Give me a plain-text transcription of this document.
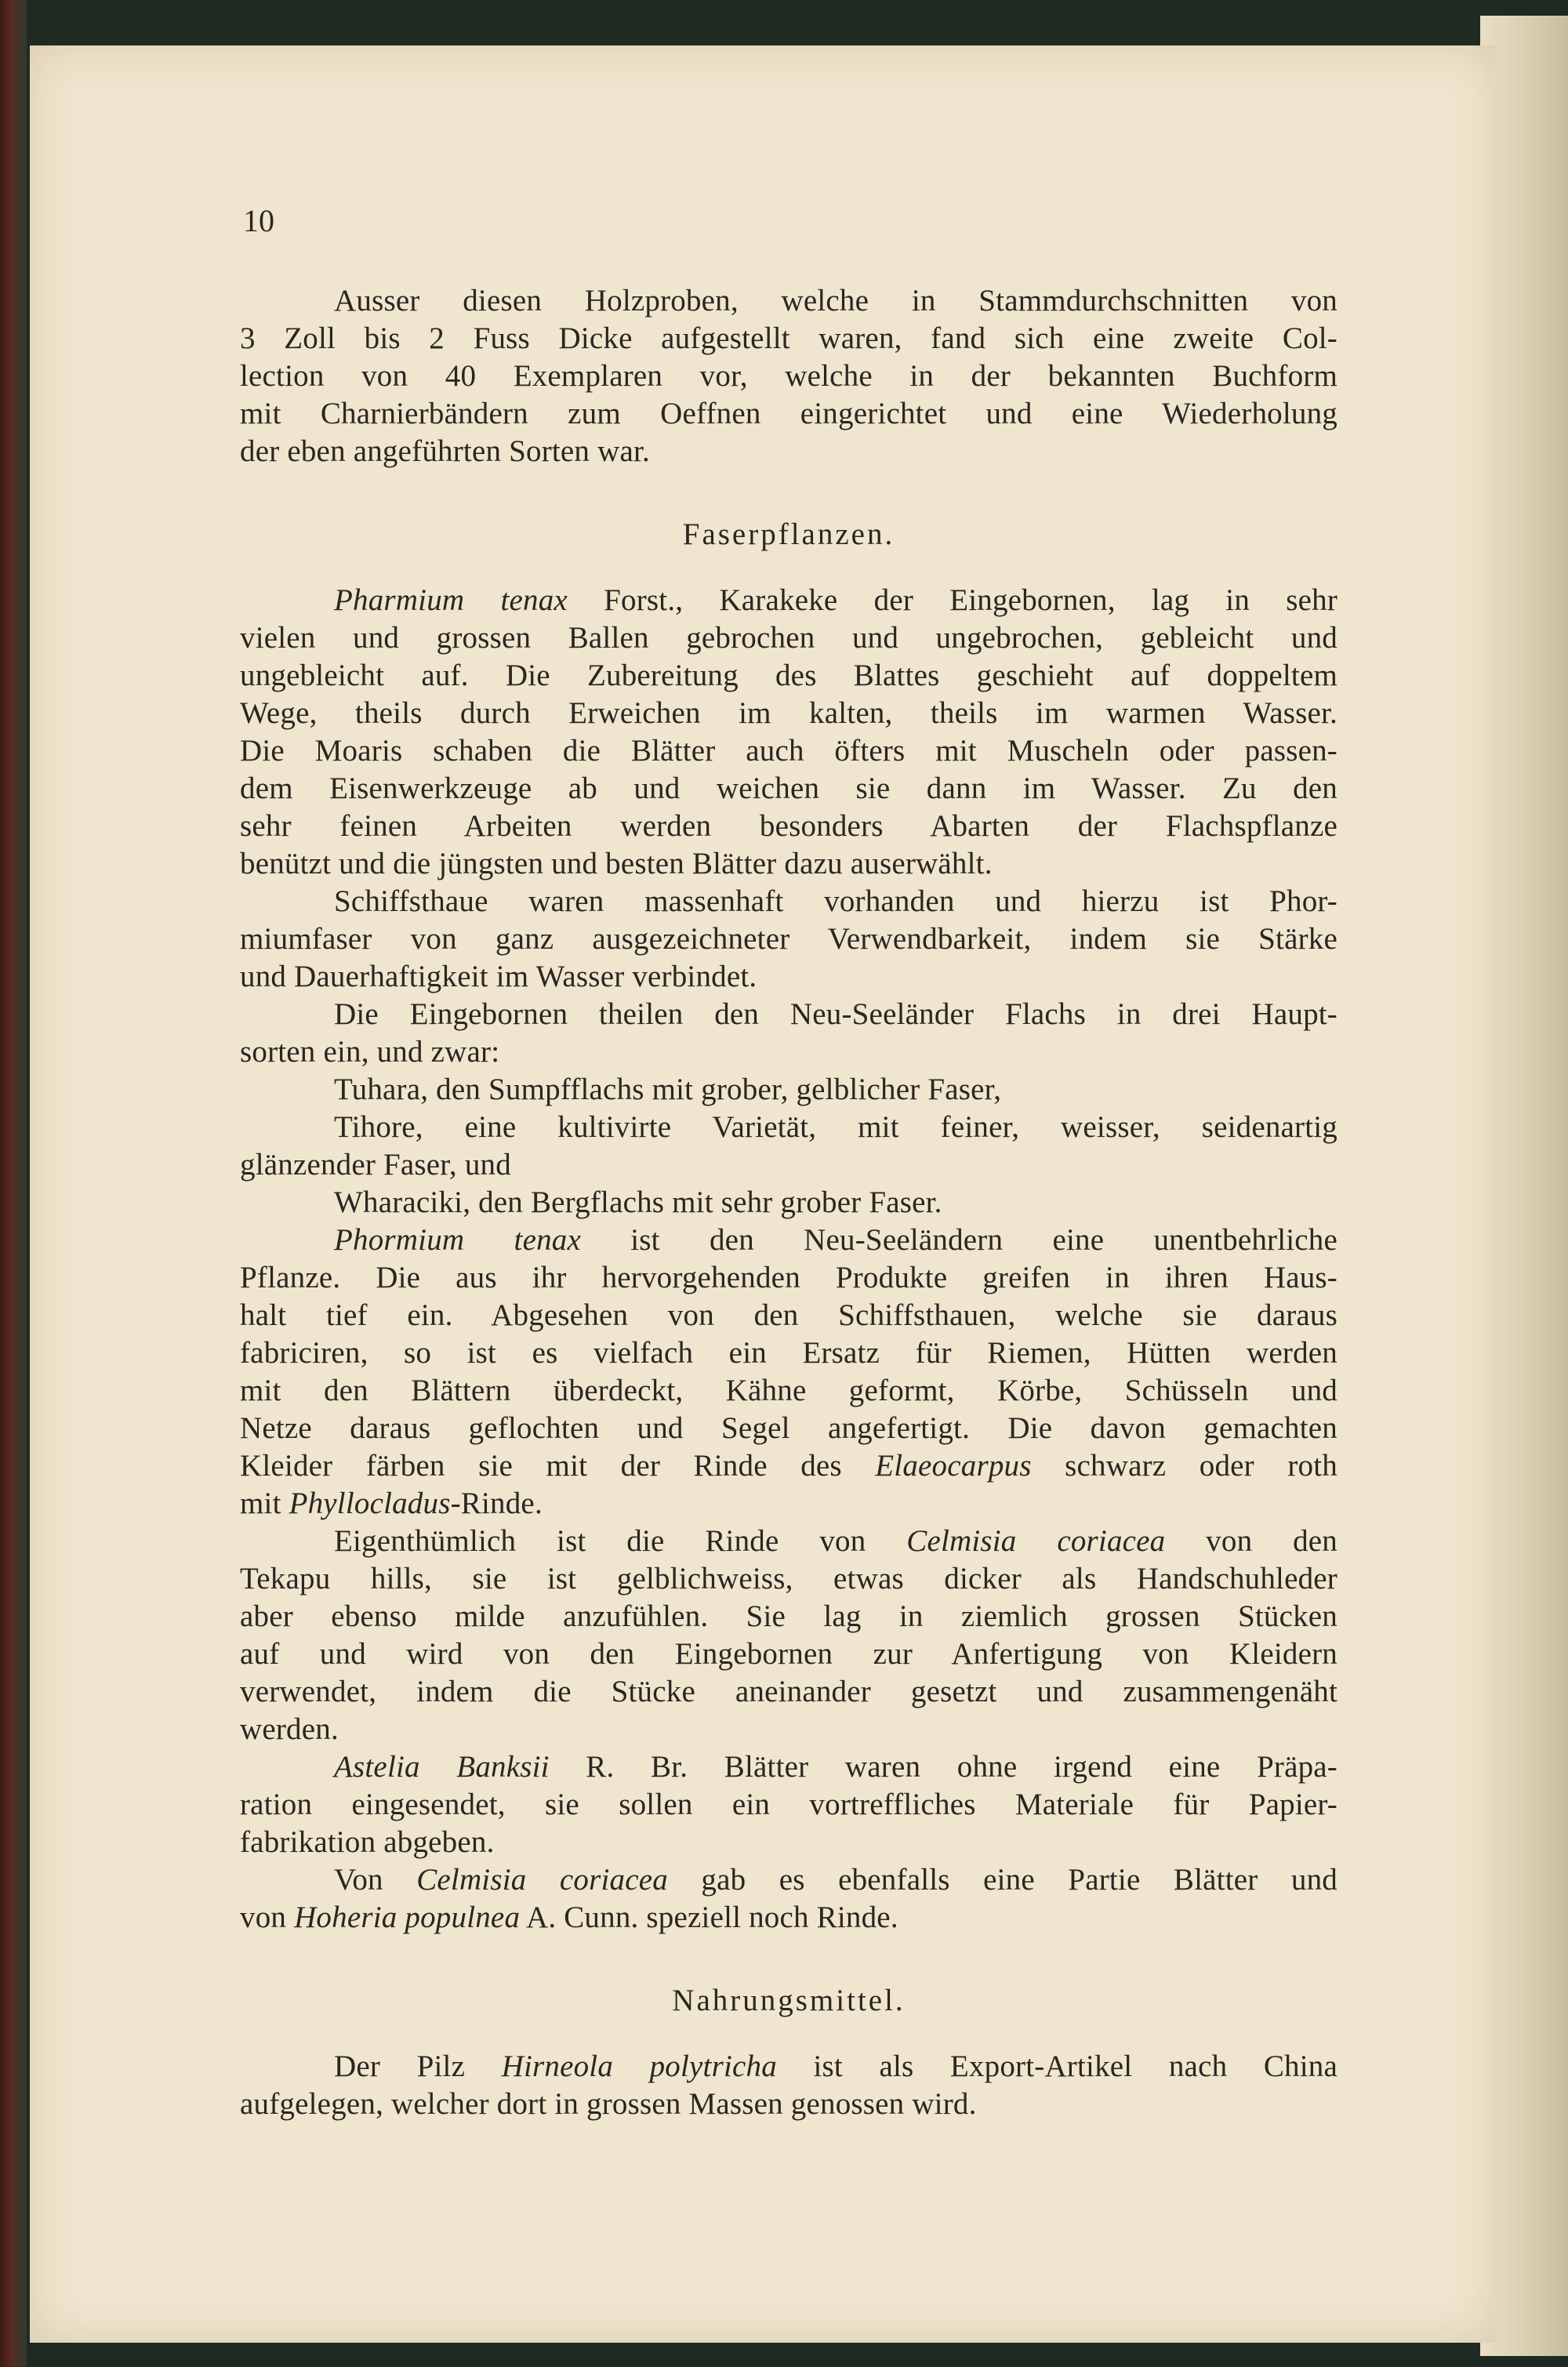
10
Ausser diesen Holzproben, welche in Stammdurchschnitten von
3 Zoll bis 2 Fuss Dicke aufgestellt waren, fand sich eine zweite Col-
lection von 40 Exemplaren vor, welche in der bekannten Buchform
mit Charnierbändern zum Oeffnen eingerichtet und eine Wiederholung
der eben angeführten Sorten war.
Faserpflanzen.
Pharmium tenax Forst., Karakeke der Eingebornen, lag in sehr
vielen und grossen Ballen gebrochen und ungebrochen, gebleicht und
ungebleicht auf. Die Zubereitung des Blattes geschieht auf doppeltem
Wege, theils durch Erweichen im kalten, theils im warmen Wasser.
Die Moaris schaben die Blätter auch öfters mit Muscheln oder passen-
dem Eisenwerkzeuge ab und weichen sie dann im Wasser. Zu den
sehr feinen Arbeiten werden besonders Abarten der Flachspflanze
benützt und die jüngsten und besten Blätter dazu auserwählt.
Schiffsthaue waren massenhaft vorhanden und hierzu ist Phor-
miumfaser von ganz ausgezeichneter Verwendbarkeit, indem sie Stärke
und Dauerhaftigkeit im Wasser verbindet.
Die Eingebornen theilen den Neu-Seeländer Flachs in drei Haupt-
sorten ein, und zwar:
Tuhara, den Sumpfflachs mit grober, gelblicher Faser,
Tihore, eine kultivirte Varietät, mit feiner, weisser, seidenartig
glänzender Faser, und
Wharaciki, den Bergflachs mit sehr grober Faser.
Phormium tenax ist den Neu-Seeländern eine unentbehrliche
Pflanze. Die aus ihr hervorgehenden Produkte greifen in ihren Haus-
halt tief ein. Abgesehen von den Schiffsthauen, welche sie daraus
fabriciren, so ist es vielfach ein Ersatz für Riemen, Hütten werden
mit den Blättern überdeckt, Kähne geformt, Körbe, Schüsseln und
Netze daraus geflochten und Segel angefertigt. Die davon gemachten
Kleider färben sie mit der Rinde des Elaeocarpus schwarz oder roth
mit Phyllocladus-Rinde.
Eigenthümlich ist die Rinde von Celmisia coriacea von den
Tekapu hills, sie ist gelblichweiss, etwas dicker als Handschuhleder
aber ebenso milde anzufühlen. Sie lag in ziemlich grossen Stücken
auf und wird von den Eingebornen zur Anfertigung von Kleidern
verwendet, indem die Stücke aneinander gesetzt und zusammengenäht
werden.
Astelia Banksii R. Br. Blätter waren ohne irgend eine Präpa-
ration eingesendet, sie sollen ein vortreffliches Materiale für Papier-
fabrikation abgeben.
Von Celmisia coriacea gab es ebenfalls eine Partie Blätter und
von Hoheria populnea A. Cunn. speziell noch Rinde.
Nahrungsmittel.
Der Pilz Hirneola polytricha ist als Export-Artikel nach China
aufgelegen, welcher dort in grossen Massen genossen wird.
